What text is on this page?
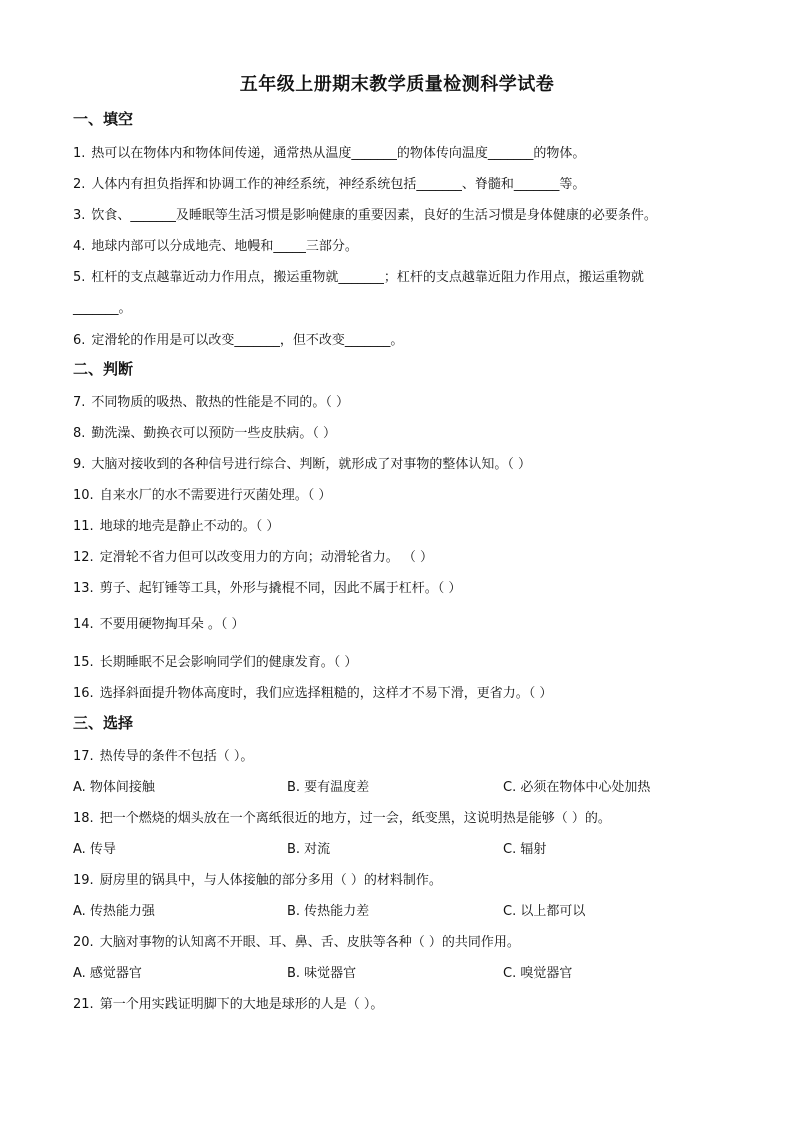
五年级上册期末教学质量检测科学试卷
一、填空
1. 热可以在物体内和物体间传递，通常热从温度_______的物体传向温度_______的物体。
2. 人体内有担负指挥和协调工作的神经系统，神经系统包括_______、脊髓和_______等。
3. 饮食、_______及睡眠等生活习惯是影响健康的重要因素，良好的生活习惯是身体健康的必要条件。
4. 地球内部可以分成地壳、地幔和_____三部分。
5. 杠杆的支点越靠近动力作用点，搬运重物就_______；杠杆的支点越靠近阻力作用点，搬运重物就
_______。
6. 定滑轮的作用是可以改变_______，但不改变_______。
二、判断
7. 不同物质的吸热、散热的性能是不同的。（ ）
8. 勤洗澡、勤换衣可以预防一些皮肤病。（ ）
9. 大脑对接收到的各种信号进行综合、判断，就形成了对事物的整体认知。（ ）
10. 自来水厂的水不需要进行灭菌处理。（ ）
11. 地球的地壳是静止不动的。（ ）
12. 定滑轮不省力但可以改变用力的方向；动滑轮省力。 （ ）
13. 剪子、起钉锤等工具，外形与撬棍不同，因此不属于杠杆。（ ）
14. 不要用硬物掏耳朵 。（ ）
15. 长期睡眠不足会影响同学们的健康发育。（ ）
16. 选择斜面提升物体高度时，我们应选择粗糙的，这样才不易下滑，更省力。（ ）
三、选择
17. 热传导的条件不包括（ ）。
A. 物体间接触	B. 要有温度差	C. 必须在物体中心处加热
18. 把一个燃烧的烟头放在一个离纸很近的地方，过一会，纸变黑，这说明热是能够（ ）的。
A. 传导	B. 对流	C. 辐射
19. 厨房里的锅具中，与人体接触的部分多用（ ）的材料制作。
A. 传热能力强	B. 传热能力差	C. 以上都可以
20. 大脑对事物的认知离不开眼、耳、鼻、舌、皮肤等各种（ ）的共同作用。
A. 感觉器官	B. 味觉器官	C. 嗅觉器官
21. 第一个用实践证明脚下的大地是球形的人是（ ）。
